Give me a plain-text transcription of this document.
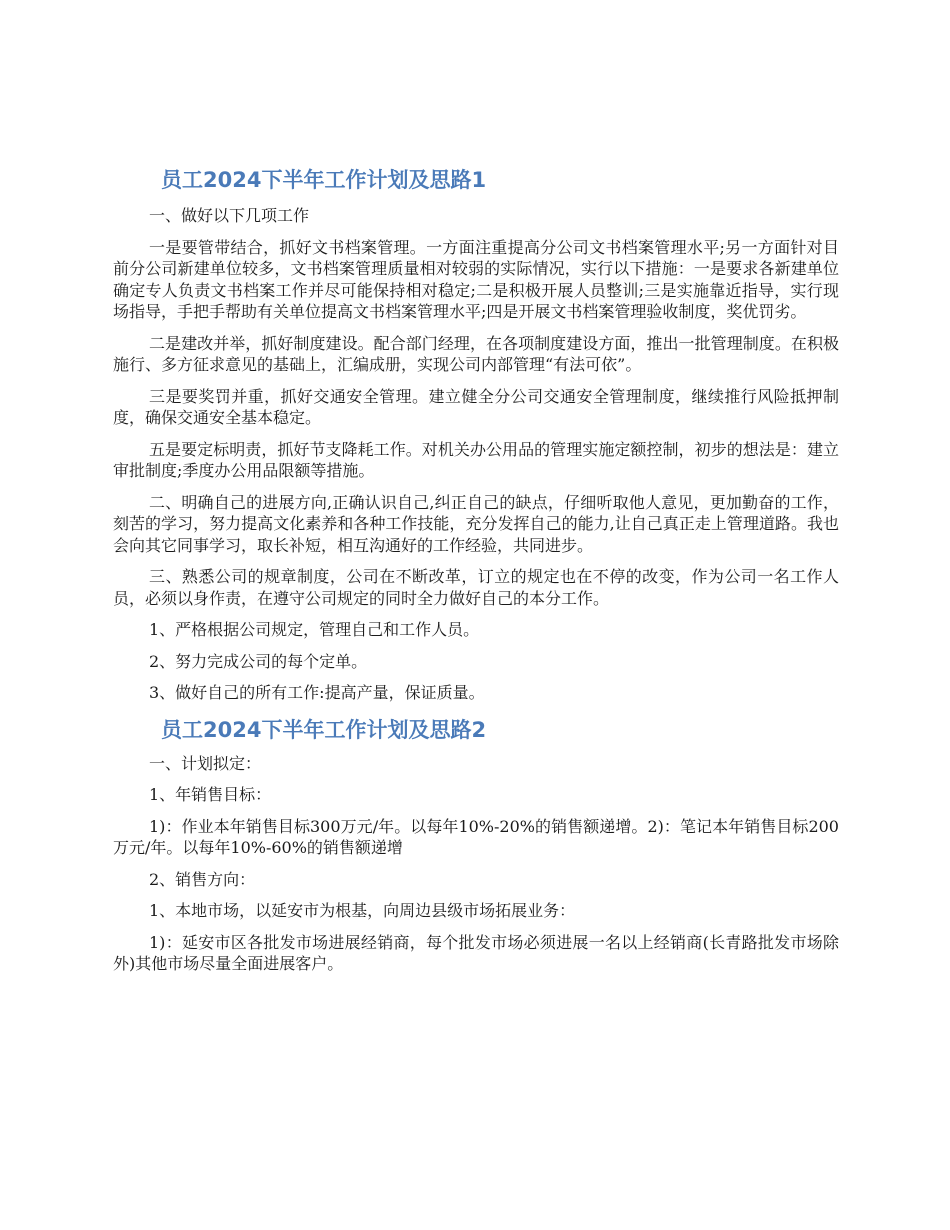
员工2024下半年工作计划及思路1

一、做好以下几项工作

一是要管带结合，抓好文书档案管理。一方面注重提高分公司文书档案管理水平;另一方面针对目前分公司新建单位较多，文书档案管理质量相对较弱的实际情况，实行以下措施：一是要求各新建单位确定专人负责文书档案工作并尽可能保持相对稳定;二是积极开展人员整训;三是实施靠近指导，实行现场指导，手把手帮助有关单位提高文书档案管理水平;四是开展文书档案管理验收制度，奖优罚劣。

二是建改并举，抓好制度建设。配合部门经理，在各项制度建设方面，推出一批管理制度。在积极施行、多方征求意见的基础上，汇编成册，实现公司内部管理“有法可依”。

三是要奖罚并重，抓好交通安全管理。建立健全分公司交通安全管理制度，继续推行风险抵押制度，确保交通安全基本稳定。

五是要定标明责，抓好节支降耗工作。对机关办公用品的管理实施定额控制，初步的想法是：建立审批制度;季度办公用品限额等措施。

二、明确自己的进展方向,正确认识自己,纠正自己的缺点，仔细听取他人意见，更加勤奋的工作，刻苦的学习，努力提高文化素养和各种工作技能，充分发挥自己的能力,让自己真正走上管理道路。我也会向其它同事学习，取长补短，相互沟通好的工作经验，共同进步。

三、熟悉公司的规章制度，公司在不断改革，订立的规定也在不停的改变，作为公司一名工作人员，必须以身作责，在遵守公司规定的同时全力做好自己的本分工作。

1、严格根据公司规定，管理自己和工作人员。

2、努力完成公司的每个定单。

3、做好自己的所有工作:提高产量，保证质量。

员工2024下半年工作计划及思路2

一、计划拟定：

1、年销售目标：

1)：作业本年销售目标300万元/年。以每年10%-20%的销售额递增。2)：笔记本年销售目标200万元/年。以每年10%-60%的销售额递增

2、销售方向：

1、本地市场，以延安市为根基，向周边县级市场拓展业务：

1)：延安市区各批发市场进展经销商，每个批发市场必须进展一名以上经销商(长青路批发市场除外)其他市场尽量全面进展客户。
